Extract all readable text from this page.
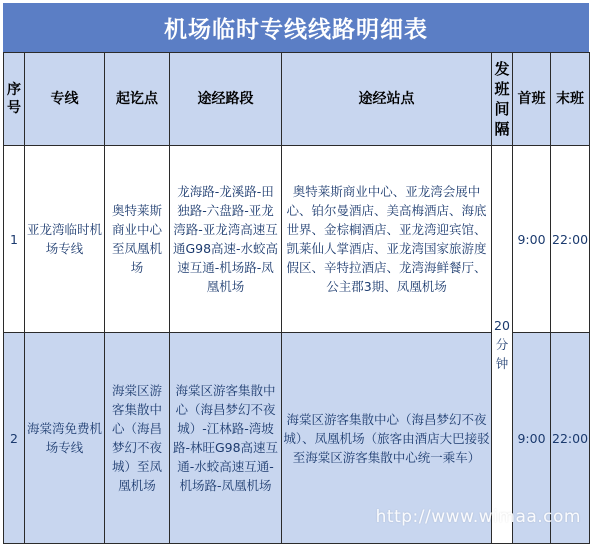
机场临时专线线路明细表
序号	专线	起讫点	途经路段	途经站点	发班间隔	首班	末班
1	亚龙湾临时机场专线	奥特莱斯商业中心至凤凰机场	龙海路-龙溪路-田独路-六盘路-亚龙湾路-亚龙湾高速互通G98高速-水蛟高速互通-机场路-凤凰机场	奥特莱斯商业中心、亚龙湾会展中心、铂尔曼酒店、美高梅酒店、海底世界、金棕榈酒店、亚龙湾迎宾馆、凯莱仙人掌酒店、亚龙湾国家旅游度假区、辛特拉酒店、龙湾海鲜餐厅、公主郡3期、凤凰机场	20分钟	9:00	22:00
2	海棠湾免费机场专线	海棠区游客集散中心（海昌梦幻不夜城）至凤凰机场	海棠区游客集散中心（海昌梦幻不夜城）-江林路-湾坡路-林旺G98高速互通-水蛟高速互通-机场路-凤凰机场	海棠区游客集散中心（海昌梦幻不夜城）、凤凰机场（旅客由酒店大巴接驳至海棠区游客集散中心统一乘车）		9:00	22:00
http://www.wimaa.com
